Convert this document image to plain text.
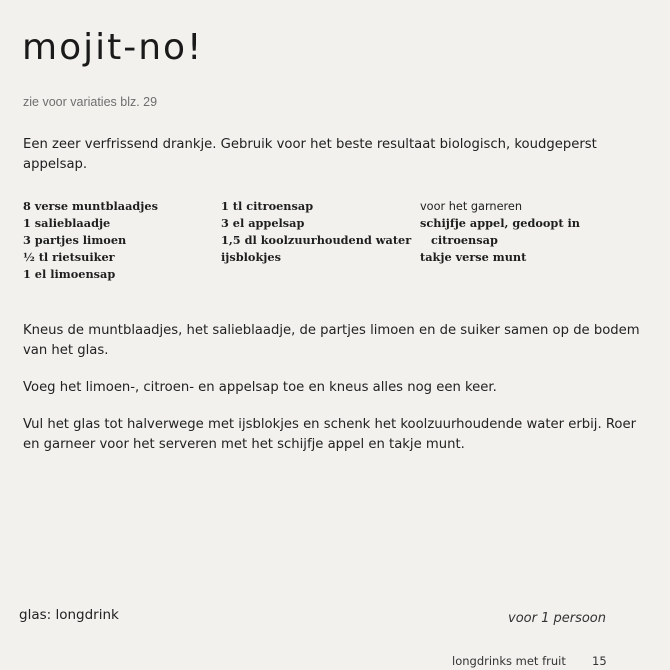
mojit-no!
zie voor variaties blz. 29
Een zeer verfrissend drankje. Gebruik voor het beste resultaat biologisch, koudgeperst appelsap.
8 verse muntblaadjes
1 salieblaadje
3 partjes limoen
½ tl rietsuiker
1 el limoensap
1 tl citroensap
3 el appelsap
1,5 dl koolzuurhoudend water
ijsblokjes
voor het garneren
schijfje appel, gedoopt in
citroensap
takje verse munt

Kneus de muntblaadjes, het salieblaadje, de partjes limoen en de suiker samen op de bodem van het glas.

Voeg het limoen-, citroen- en appelsap toe en kneus alles nog een keer.

Vul het glas tot halverwege met ijsblokjes en schenk het koolzuurhoudende water erbij. Roer en garneer voor het serveren met het schijfje appel en takje munt.

glas: longdrink	voor 1 persoon
longdrinks met fruit 15
